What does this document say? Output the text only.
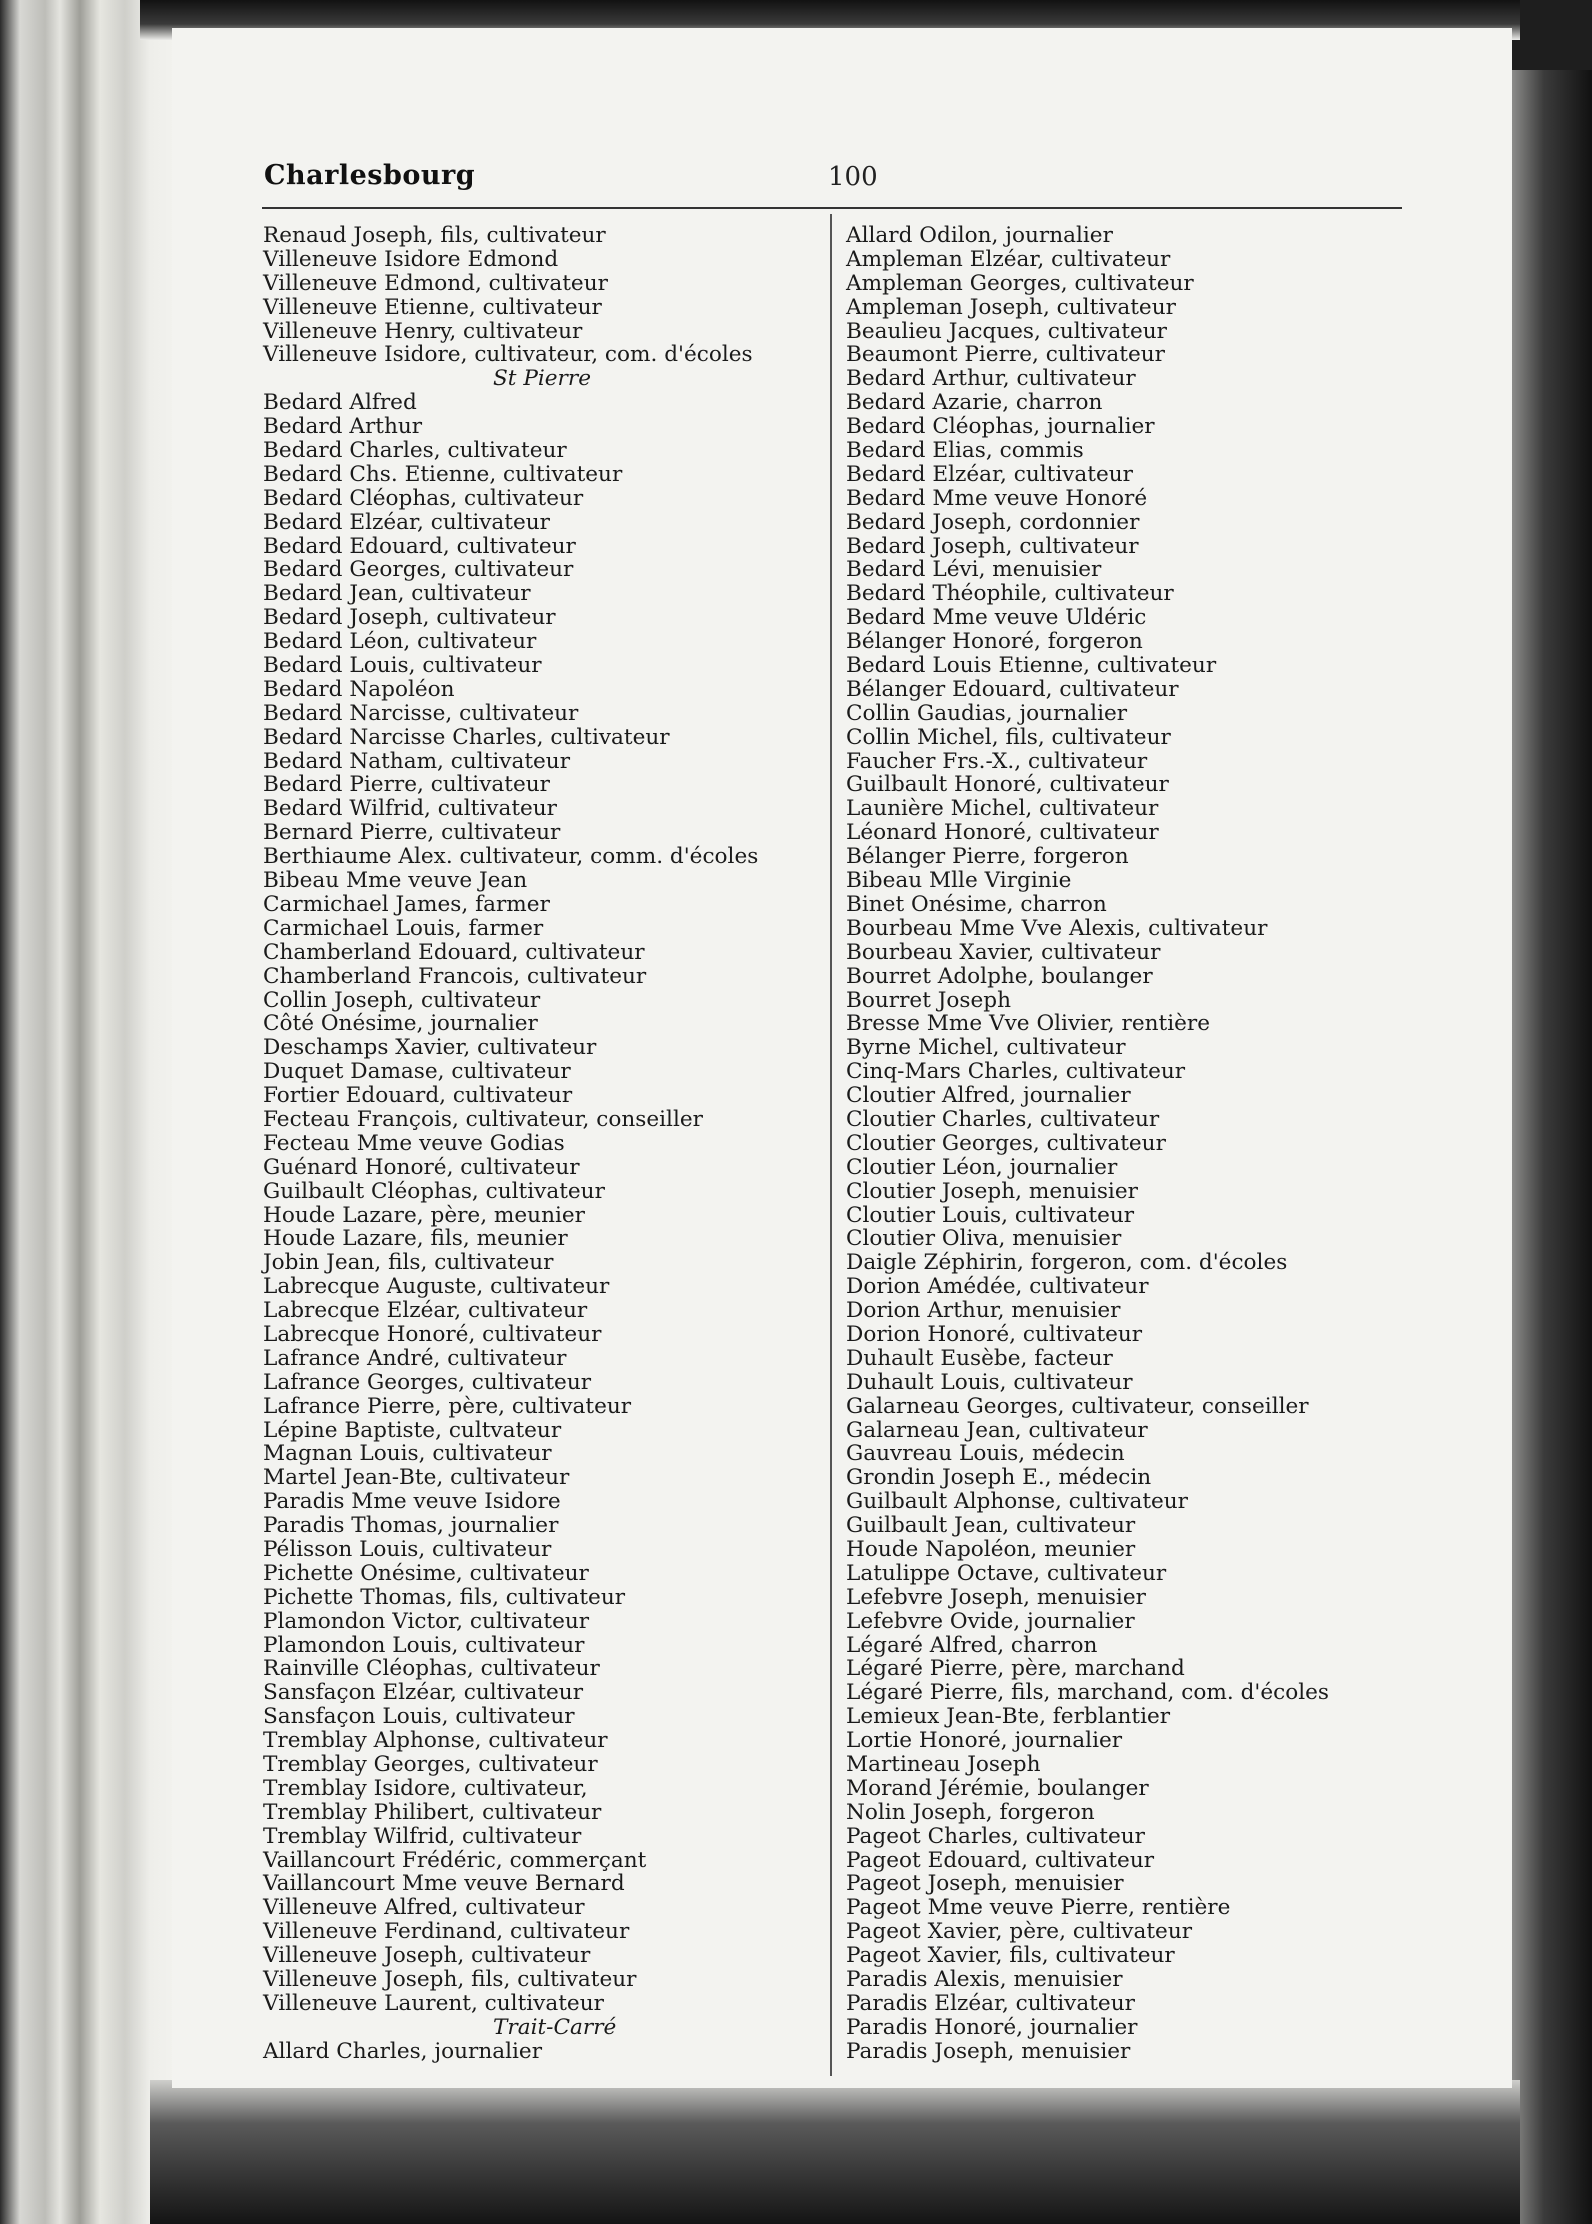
Charlesbourg	100
Renaud Joseph, fils, cultivateur
Villeneuve Isidore Edmond
Villeneuve Edmond, cultivateur
Villeneuve Etienne, cultivateur
Villeneuve Henry, cultivateur
Villeneuve Isidore, cultivateur, com. d'écoles
St Pierre
Bedard Alfred
Bedard Arthur
Bedard Charles, cultivateur
Bedard Chs. Etienne, cultivateur
Bedard Cléophas, cultivateur
Bedard Elzéar, cultivateur
Bedard Edouard, cultivateur
Bedard Georges, cultivateur
Bedard Jean, cultivateur
Bedard Joseph, cultivateur
Bedard Léon, cultivateur
Bedard Louis, cultivateur
Bedard Napoléon
Bedard Narcisse, cultivateur
Bedard Narcisse Charles, cultivateur
Bedard Natham, cultivateur
Bedard Pierre, cultivateur
Bedard Wilfrid, cultivateur
Bernard Pierre, cultivateur
Berthiaume Alex. cultivateur, comm. d'écoles
Bibeau Mme veuve Jean
Carmichael James, farmer
Carmichael Louis, farmer
Chamberland Edouard, cultivateur
Chamberland Francois, cultivateur
Collin Joseph, cultivateur
Côté Onésime, journalier
Deschamps Xavier, cultivateur
Duquet Damase, cultivateur
Fortier Edouard, cultivateur
Fecteau François, cultivateur, conseiller
Fecteau Mme veuve Godias
Guénard Honoré, cultivateur
Guilbault Cléophas, cultivateur
Houde Lazare, père, meunier
Houde Lazare, fils, meunier
Jobin Jean, fils, cultivateur
Labrecque Auguste, cultivateur
Labrecque Elzéar, cultivateur
Labrecque Honoré, cultivateur
Lafrance André, cultivateur
Lafrance Georges, cultivateur
Lafrance Pierre, père, cultivateur
Lépine Baptiste, cultvateur
Magnan Louis, cultivateur
Martel Jean-Bte, cultivateur
Paradis Mme veuve Isidore
Paradis Thomas, journalier
Pélisson Louis, cultivateur
Pichette Onésime, cultivateur
Pichette Thomas, fils, cultivateur
Plamondon Victor, cultivateur
Plamondon Louis, cultivateur
Rainville Cléophas, cultivateur
Sansfaçon Elzéar, cultivateur
Sansfaçon Louis, cultivateur
Tremblay Alphonse, cultivateur
Tremblay Georges, cultivateur
Tremblay Isidore, cultivateur,
Tremblay Philibert, cultivateur
Tremblay Wilfrid, cultivateur
Vaillancourt Frédéric, commerçant
Vaillancourt Mme veuve Bernard
Villeneuve Alfred, cultivateur
Villeneuve Ferdinand, cultivateur
Villeneuve Joseph, cultivateur
Villeneuve Joseph, fils, cultivateur
Villeneuve Laurent, cultivateur
Trait-Carré
Allard Charles, journalier
Allard Odilon, journalier
Ampleman Elzéar, cultivateur
Ampleman Georges, cultivateur
Ampleman Joseph, cultivateur
Beaulieu Jacques, cultivateur
Beaumont Pierre, cultivateur
Bedard Arthur, cultivateur
Bedard Azarie, charron
Bedard Cléophas, journalier
Bedard Elias, commis
Bedard Elzéar, cultivateur
Bedard Mme veuve Honoré
Bedard Joseph, cordonnier
Bedard Joseph, cultivateur
Bedard Lévi, menuisier
Bedard Théophile, cultivateur
Bedard Mme veuve Uldéric
Bélanger Honoré, forgeron
Bedard Louis Etienne, cultivateur
Bélanger Edouard, cultivateur
Collin Gaudias, journalier
Collin Michel, fils, cultivateur
Faucher Frs.-X., cultivateur
Guilbault Honoré, cultivateur
Launière Michel, cultivateur
Léonard Honoré, cultivateur
Bélanger Pierre, forgeron
Bibeau Mlle Virginie
Binet Onésime, charron
Bourbeau Mme Vve Alexis, cultivateur
Bourbeau Xavier, cultivateur
Bourret Adolphe, boulanger
Bourret Joseph
Bresse Mme Vve Olivier, rentière
Byrne Michel, cultivateur
Cinq-Mars Charles, cultivateur
Cloutier Alfred, journalier
Cloutier Charles, cultivateur
Cloutier Georges, cultivateur
Cloutier Léon, journalier
Cloutier Joseph, menuisier
Cloutier Louis, cultivateur
Cloutier Oliva, menuisier
Daigle Zéphirin, forgeron, com. d'écoles
Dorion Amédée, cultivateur
Dorion Arthur, menuisier
Dorion Honoré, cultivateur
Duhault Eusèbe, facteur
Duhault Louis, cultivateur
Galarneau Georges, cultivateur, conseiller
Galarneau Jean, cultivateur
Gauvreau Louis, médecin
Grondin Joseph E., médecin
Guilbault Alphonse, cultivateur
Guilbault Jean, cultivateur
Houde Napoléon, meunier
Latulippe Octave, cultivateur
Lefebvre Joseph, menuisier
Lefebvre Ovide, journalier
Légaré Alfred, charron
Légaré Pierre, père, marchand
Légaré Pierre, fils, marchand, com. d'écoles
Lemieux Jean-Bte, ferblantier
Lortie Honoré, journalier
Martineau Joseph
Morand Jérémie, boulanger
Nolin Joseph, forgeron
Pageot Charles, cultivateur
Pageot Edouard, cultivateur
Pageot Joseph, menuisier
Pageot Mme veuve Pierre, rentière
Pageot Xavier, père, cultivateur
Pageot Xavier, fils, cultivateur
Paradis Alexis, menuisier
Paradis Elzéar, cultivateur
Paradis Honoré, journalier
Paradis Joseph, menuisier
